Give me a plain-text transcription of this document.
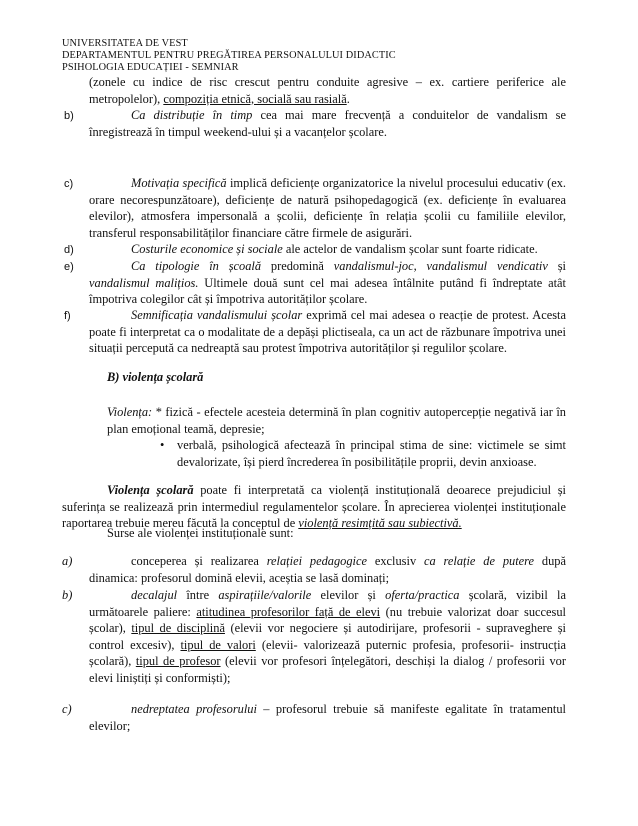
UNIVERSITATEA DE VEST
DEPARTAMENTUL PENTRU PREGĂTIREA PERSONALULUI DIDACTIC
PSIHOLOGIA EDUCAȚIEI - SEMNIAR
(zonele cu indice de risc crescut pentru conduite agresive – ex. cartiere periferice ale metropolelor), compoziția etnică, socială sau rasială.
b)	Ca distribuție în timp cea mai mare frecvență a conduitelor de vandalism se înregistrează în timpul weekend-ului și a vacanțelor școlare.
c)	Motivația specifică implică deficiențe organizatorice la nivelul procesului educativ (ex. orare necorespunzătoare), deficiențe de natură psihopedagogică (ex. deficiențe în evaluarea elevilor), atmosfera impersonală a școlii, deficiențe în relația școlii cu familiile elevilor, transferul responsabilităților financiare către firmele de asigurări.
d)	Costurile economice și sociale ale actelor de vandalism școlar sunt foarte ridicate.
e)	Ca tipologie în școală predomină vandalismul-joc, vandalismul vendicativ și vandalismul malițios. Ultimele două sunt cel mai adesea întâlnite putând fi îndreptate atât împotriva colegilor cât și împotriva autorităților școlare.
f)	Semnificația vandalismului școlar exprimă cel mai adesea o reacție de protest. Acesta poate fi interpretat ca o modalitate de a depăși plictiseala, ca un act de răzbunare împotriva unei situații percepută ca nedreaptă sau protest împotriva autorităților și regulilor școlare.
B) violența școlară
Violența: * fizică - efectele acesteia determină în plan cognitiv autopercepție negativă iar în plan emoțional teamă, depresie;
• verbală, psihologică afectează în principal stima de sine: victimele se simt devalorizate, își pierd încrederea în posibilitățile proprii, devin anxioase.
Violența școlară poate fi interpretată ca violență instituțională deoarece prejudiciul și suferința se realizează prin intermediul regulamentelor școlare. În aprecierea violenței instituționale raportarea trebuie mereu făcută la conceptul de violență resimțită sau subiectivă.
Surse ale violenței instituționale sunt:
a)	conceperea și realizarea relației pedagogice exclusiv ca relație de putere după dinamica: profesorul domină elevii, aceștia se lasă dominați;
b)	decalajul între aspirațiile/valorile elevilor și oferta/practica școlară, vizibil la următoarele paliere: atitudinea profesorilor față de elevi (nu trebuie valorizat doar succesul școlar), tipul de disciplină (elevii vor negociere și autodirijare, profesorii - supraveghere și control excesiv), tipul de valori (elevii- valorizează puternic profesia, profesorii- instrucția școlară), tipul de profesor (elevii vor profesori înțelegători, deschiși la dialog / profesorii vor elevi liniștiți și conformiști);
c)	nedreptatea profesorului – profesorul trebuie să manifeste egalitate în tratamentul elevilor;
